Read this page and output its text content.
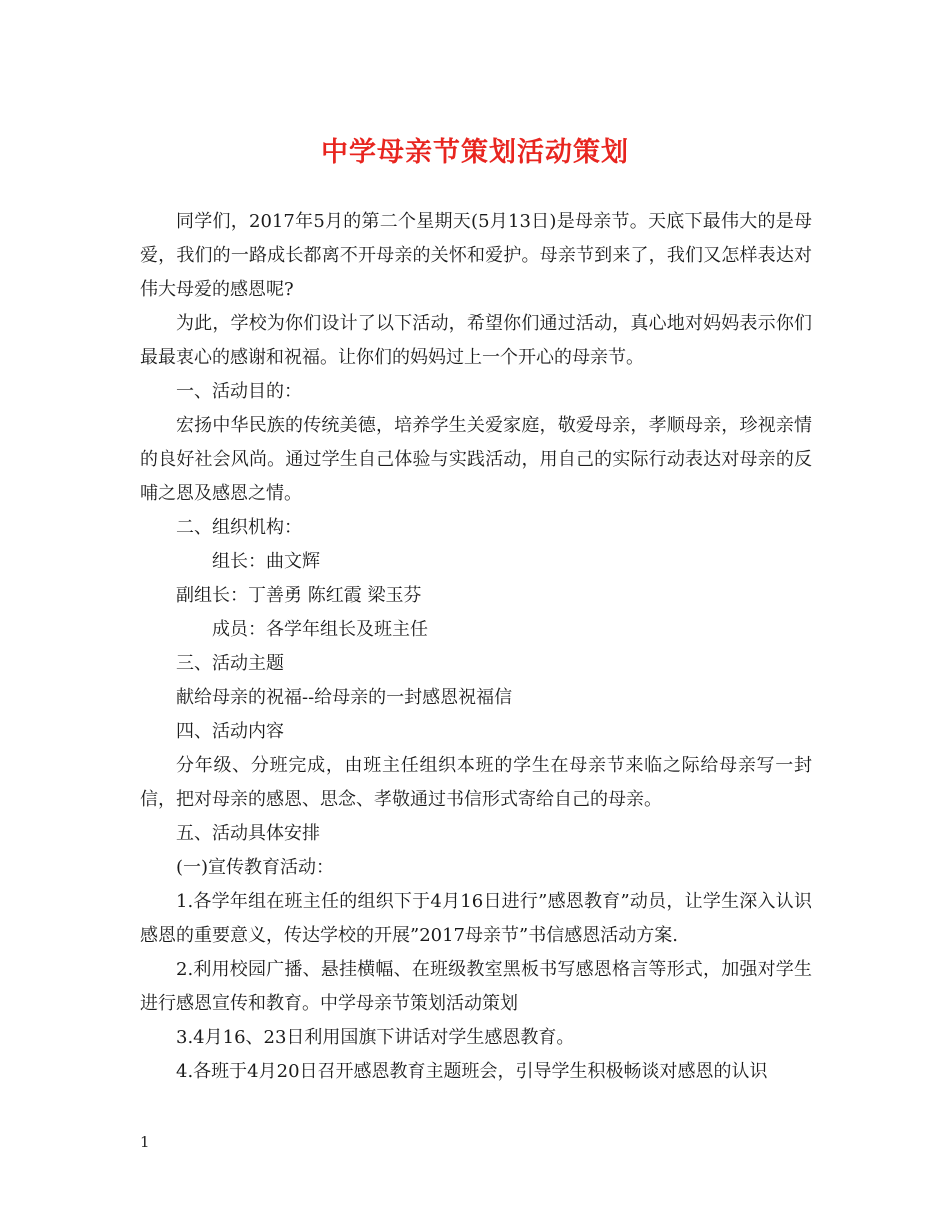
中学母亲节策划活动策划

同学们，2017年5月的第二个星期天(5月13日)是母亲节。天底下最伟大的是母爱，我们的一路成长都离不开母亲的关怀和爱护。母亲节到来了，我们又怎样表达对伟大母爱的感恩呢?

为此，学校为你们设计了以下活动，希望你们通过活动，真心地对妈妈表示你们最最衷心的感谢和祝福。让你们的妈妈过上一个开心的母亲节。

一、活动目的：

宏扬中华民族的传统美德，培养学生关爱家庭，敬爱母亲，孝顺母亲，珍视亲情的良好社会风尚。通过学生自己体验与实践活动，用自己的实际行动表达对母亲的反哺之恩及感恩之情。

二、组织机构：

组长：曲文辉

副组长：丁善勇 陈红霞 梁玉芬

成员：各学年组长及班主任

三、活动主题

献给母亲的祝福--给母亲的一封感恩祝福信

四、活动内容

分年级、分班完成，由班主任组织本班的学生在母亲节来临之际给母亲写一封信，把对母亲的感恩、思念、孝敬通过书信形式寄给自己的母亲。

五、活动具体安排

(一)宣传教育活动：

1.各学年组在班主任的组织下于4月16日进行”感恩教育”动员，让学生深入认识感恩的重要意义，传达学校的开展”2017母亲节”书信感恩活动方案.

2.利用校园广播、悬挂横幅、在班级教室黑板书写感恩格言等形式，加强对学生进行感恩宣传和教育。中学母亲节策划活动策划

3.4月16、23日利用国旗下讲话对学生感恩教育。

4.各班于4月20日召开感恩教育主题班会，引导学生积极畅谈对感恩的认识

1
